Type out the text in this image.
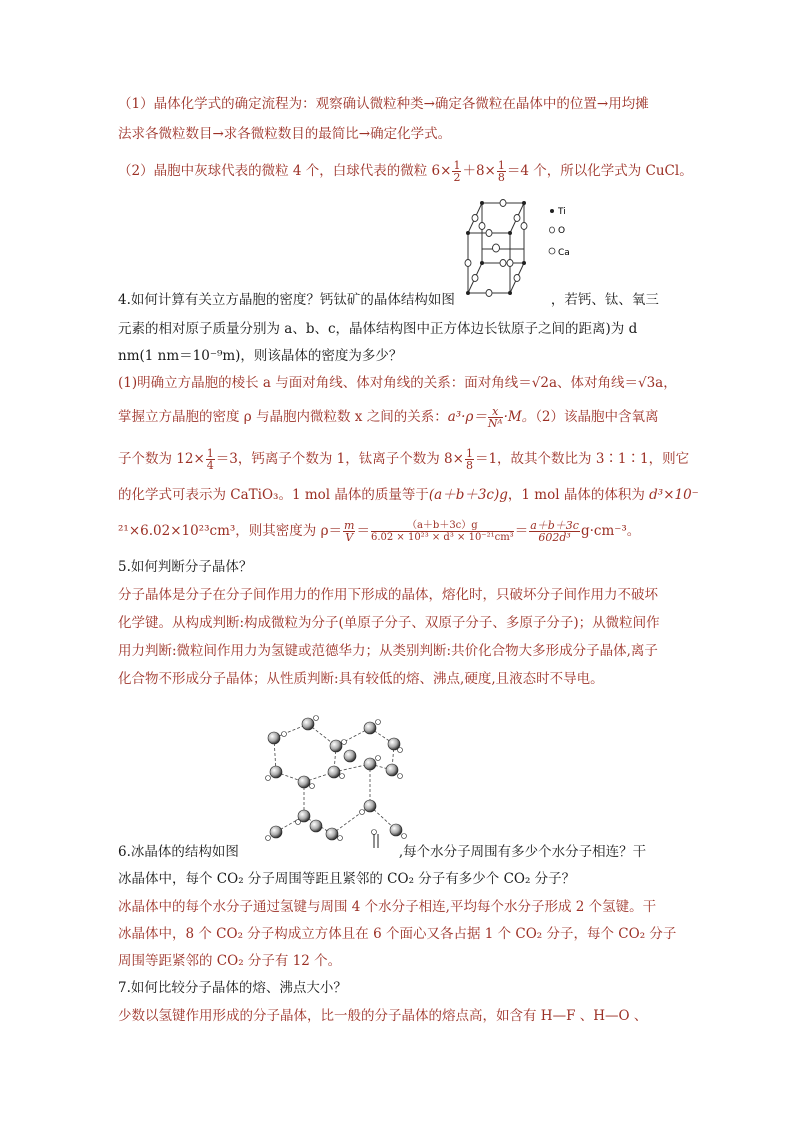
（1）晶体化学式的确定流程为：观察确认微粒种类→确定各微粒在晶体中的位置→用均摊
法求各微粒数目→求各微粒数目的最简比→确定化学式。
（2）晶胞中灰球代表的微粒 4 个，白球代表的微粒 $6\times \frac{1}{2} +8\times \frac{1}{8} =4$ 个，所以化学式为 CuCl。
Ti
O
Ca
4.如何计算有关立方晶胞的密度？钙钛矿的晶体结构如图	，若钙、钛、氧三
元素的相对原子质量分别为 a、b、c，晶体结构图中正方体边长钛原子之间的距离)为 d
nm(1 nm＝10⁻⁹m)，则该晶体的密度为多少？
(1)明确立方晶胞的棱长 a 与面对角线、体对角线的关系：面对角线＝√2a、体对角线＝√3a，
掌握立方晶胞的密度 ρ 与晶胞内微粒数 x 之间的关系：$a^3\cdot\rho= \frac{x}{\text{Nᴬ}} \cdot M$。（2）该晶胞中含氧离
子个数为 $12\times \frac{1}{4} =3$，钙离子个数为 1，钛离子个数为 $8\times \frac{1}{8} =1$，故其个数比为 3∶1∶1，则它
的化学式可表示为 CaTiO₃。1 mol 晶体的质量等于(a＋b＋3c)g，1 mol 晶体的体积为 d³×10⁻
²¹×6.02×10²³cm³，则其密度为 $\rho= \frac{m}{V} = \frac{(a+b+3c)g}{\text{6.02 × 10²³ × d³ × 10⁻²¹cm³}} = \frac{a+b+3c}{\text{602d³}} g\cdot cm^{-3}$。
5.如何判断分子晶体？
分子晶体是分子在分子间作用力的作用下形成的晶体，熔化时，只破坏分子间作用力不破坏
化学键。从构成判断:构成微粒为分子(单原子分子、双原子分子、多原子分子)；从微粒间作
用力判断:微粒间作用力为氢键或范德华力；从类别判断:共价化合物大多形成分子晶体,离子
化合物不形成分子晶体；从性质判断:具有较低的熔、沸点,硬度,且液态时不导电。
6.冰晶体的结构如图	,每个水分子周围有多少个水分子相连？干
冰晶体中，每个 CO₂ 分子周围等距且紧邻的 CO₂ 分子有多少个 CO₂ 分子？
冰晶体中的每个水分子通过氢键与周围 4 个水分子相连,平均每个水分子形成 2 个氢键。干
冰晶体中，8 个 CO₂ 分子构成立方体且在 6 个面心又各占据 1 个 CO₂ 分子，每个 CO₂ 分子
周围等距紧邻的 CO₂ 分子有 12 个。
7.如何比较分子晶体的熔、沸点大小？
少数以氢键作用形成的分子晶体，比一般的分子晶体的熔点高，如含有 H—F 、H—O 、
